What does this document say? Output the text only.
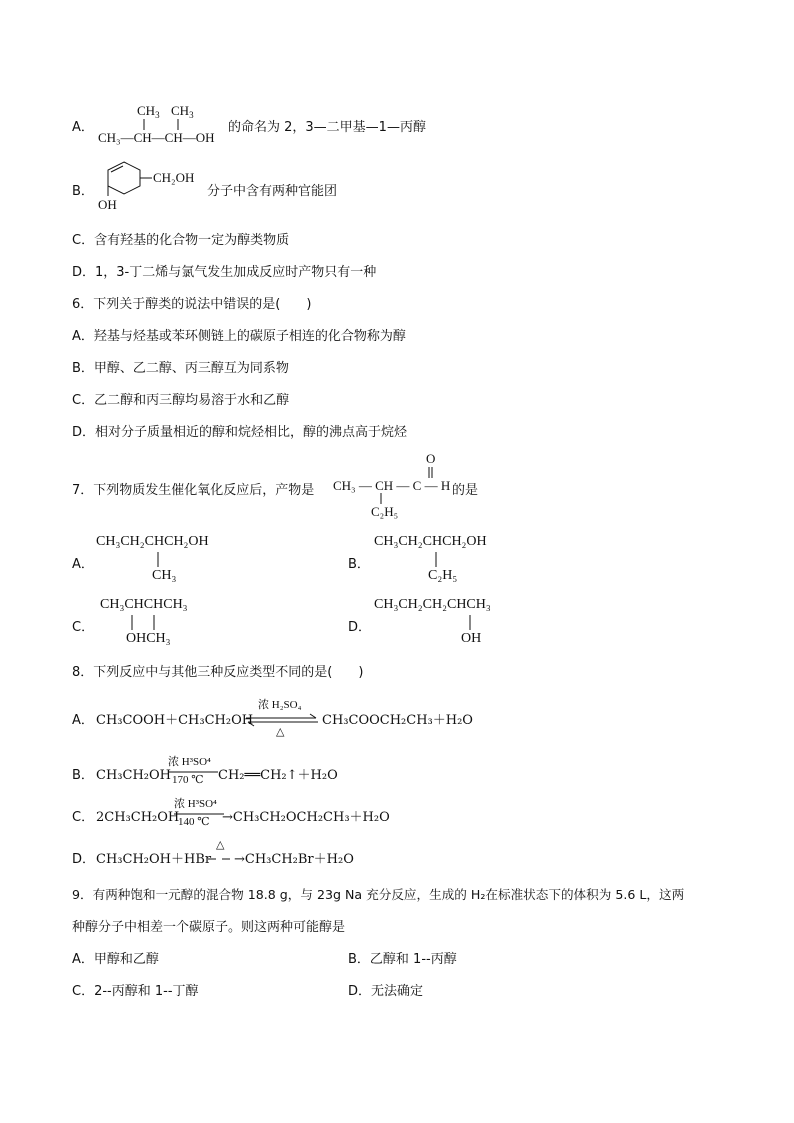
A．
$CH_3$ $CH_3$
CH₃—CH—CH—OH
的命名为 2，3—二甲基—1—丙醇
B．
CH₂OH
OH
分子中含有两种官能团
C．含有羟基的化合物一定为醇类物质
D．1，3-丁二烯与氯气发生加成反应时产物只有一种
6．下列关于醇类的说法中错误的是(　　)
A．羟基与烃基或苯环侧链上的碳原子相连的化合物称为醇
B．甲醇、乙二醇、丙三醇互为同系物
C．乙二醇和丙三醇均易溶于水和乙醇
D．相对分子质量相近的醇和烷烃相比，醇的沸点高于烷烃
7．下列物质发生催化氧化反应后，产物是
O
CH₃ — CH — C — H
C₂H₅
的是
A．
CH₃CH₂CHCH₂OH
CH₃
B．
CH₃CH₂CHCH₂OH
C₂H₅
C．
CH₃CHCHCH₃
OHCH₃
D．
CH₃CH₂CH₂CHCH₃
OH
8．下列反应中与其他三种反应类型不同的是(　　)
A． CH₃COOH＋CH₃CH₂OH
浓 H₂SO₄
△
CH₃COOCH₂CH₃＋H₂O
B． CH₃CH₂OH
浓 H³SO⁴
170 ℃ CH₂══CH₂↑＋H₂O
C． 2CH₃CH₂OH
浓 H³SO⁴
140 ℃ →CH₃CH₂OCH₂CH₃＋H₂O
D． CH₃CH₂OH＋HBr
△
→CH₃CH₂Br＋H₂O
9．有两种饱和一元醇的混合物 18.8 g，与 23g Na 充分反应，生成的 H₂在标准状态下的体积为 5.6 L，这两
种醇分子中相差一个碳原子。则这两种可能醇是
A．甲醇和乙醇	B．乙醇和 1--丙醇
C．2--丙醇和 1--丁醇	D．无法确定
